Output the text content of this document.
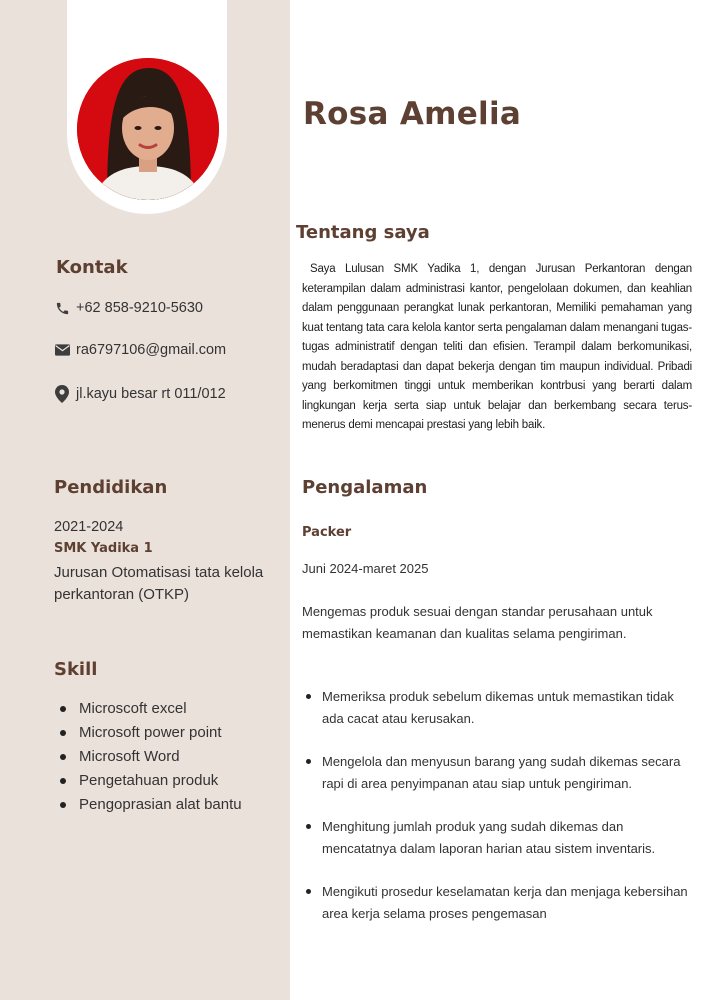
Kontak
+62 858-9210-5630
ra6797106@gmail.com
jl.kayu besar rt 011/012
Pendidikan
2021-2024
SMK Yadika 1
Jurusan Otomatisasi tata kelola perkantoran (OTKP)
Skill
Microscoft excel
Microsoft power point
Microsoft Word
Pengetahuan produk
Pengoprasian alat bantu
Rosa Amelia
Tentang saya

Saya Lulusan SMK Yadika 1, dengan Jurusan Perkantoran dengan keterampilan dalam administrasi kantor, pengelolaan dokumen, dan keahlian dalam penggunaan perangkat lunak perkantoran, Memiliki pemahaman yang kuat tentang tata cara kelola kantor serta pengalaman dalam menangani tugas-tugas administratif dengan teliti dan efisien. Terampil dalam berkomunikasi, mudah beradaptasi dan dapat bekerja dengan tim maupun individual. Pribadi yang berkomitmen tinggi untuk memberikan kontrbusi yang berarti dalam lingkungan kerja serta siap untuk belajar dan berkembang secara terus-menerus demi mencapai prestasi yang lebih baik.

Pengalaman
Packer
Juni 2024-maret 2025

Mengemas produk sesuai dengan standar perusahaan untuk memastikan keamanan dan kualitas selama pengiriman.

Memeriksa produk sebelum dikemas untuk memastikan tidak ada cacat atau kerusakan.
Mengelola dan menyusun barang yang sudah dikemas secara rapi di area penyimpanan atau siap untuk pengiriman.
Menghitung jumlah produk yang sudah dikemas dan mencatatnya dalam laporan harian atau sistem inventaris.
Mengikuti prosedur keselamatan kerja dan menjaga kebersihan area kerja selama proses pengemasan
